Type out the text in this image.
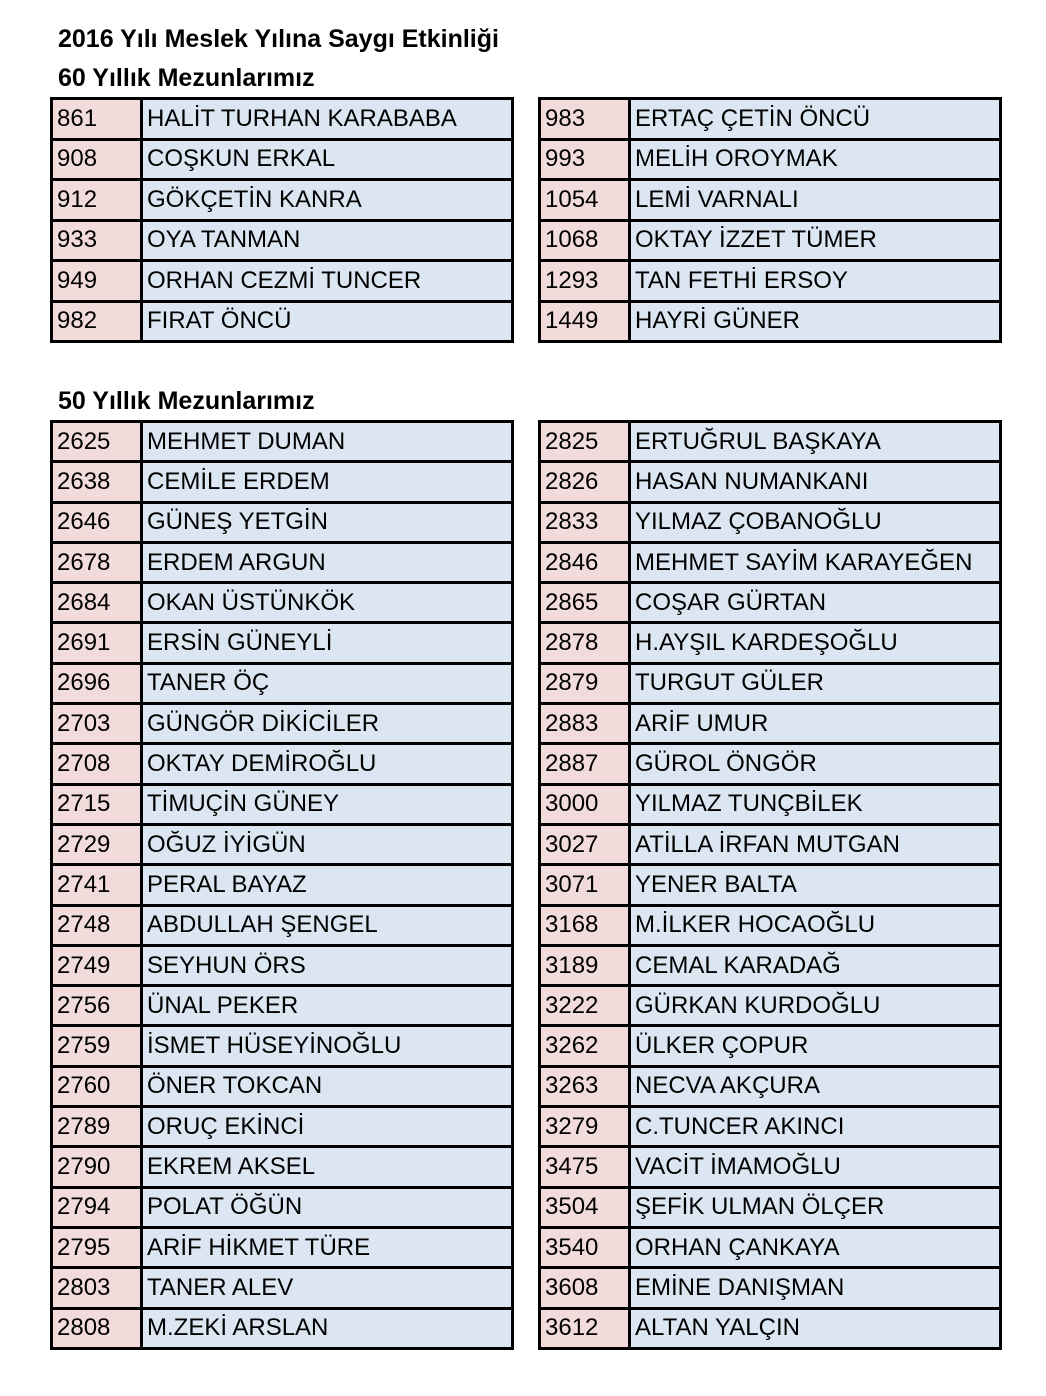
2016 Yılı Meslek Yılına Saygı Etkinliği
60 Yıllık Mezunlarımız
861	HALİT TURHAN KARABABA
908	COŞKUN ERKAL
912	GÖKÇETİN KANRA
933	OYA TANMAN
949	ORHAN CEZMİ TUNCER
982	FIRAT ÖNCÜ
983	ERTAÇ ÇETİN ÖNCÜ
993	MELİH OROYMAK
1054	LEMİ VARNALI
1068	OKTAY İZZET TÜMER
1293	TAN FETHİ ERSOY
1449	HAYRİ GÜNER
50 Yıllık Mezunlarımız
2625	MEHMET DUMAN
2638	CEMİLE ERDEM
2646	GÜNEŞ YETGİN
2678	ERDEM ARGUN
2684	OKAN ÜSTÜNKÖK
2691	ERSİN GÜNEYLİ
2696	TANER ÖÇ
2703	GÜNGÖR DİKİCİLER
2708	OKTAY DEMİROĞLU
2715	TİMUÇİN GÜNEY
2729	OĞUZ İYİGÜN
2741	PERAL BAYAZ
2748	ABDULLAH ŞENGEL
2749	SEYHUN ÖRS
2756	ÜNAL PEKER
2759	İSMET HÜSEYİNOĞLU
2760	ÖNER TOKCAN
2789	ORUÇ EKİNCİ
2790	EKREM AKSEL
2794	POLAT ÖĞÜN
2795	ARİF HİKMET TÜRE
2803	TANER ALEV
2808	M.ZEKİ ARSLAN
2825	ERTUĞRUL BAŞKAYA
2826	HASAN NUMANKANI
2833	YILMAZ ÇOBANOĞLU
2846	MEHMET SAYİM KARAYEĞEN
2865	COŞAR GÜRTAN
2878	H.AYŞIL KARDEŞOĞLU
2879	TURGUT GÜLER
2883	ARİF UMUR
2887	GÜROL ÖNGÖR
3000	YILMAZ TUNÇBİLEK
3027	ATİLLA İRFAN MUTGAN
3071	YENER BALTA
3168	M.İLKER HOCAOĞLU
3189	CEMAL KARADAĞ
3222	GÜRKAN KURDOĞLU
3262	ÜLKER ÇOPUR
3263	NECVA AKÇURA
3279	C.TUNCER AKINCI
3475	VACİT İMAMOĞLU
3504	ŞEFİK ULMAN ÖLÇER
3540	ORHAN ÇANKAYA
3608	EMİNE DANIŞMAN
3612	ALTAN YALÇIN
